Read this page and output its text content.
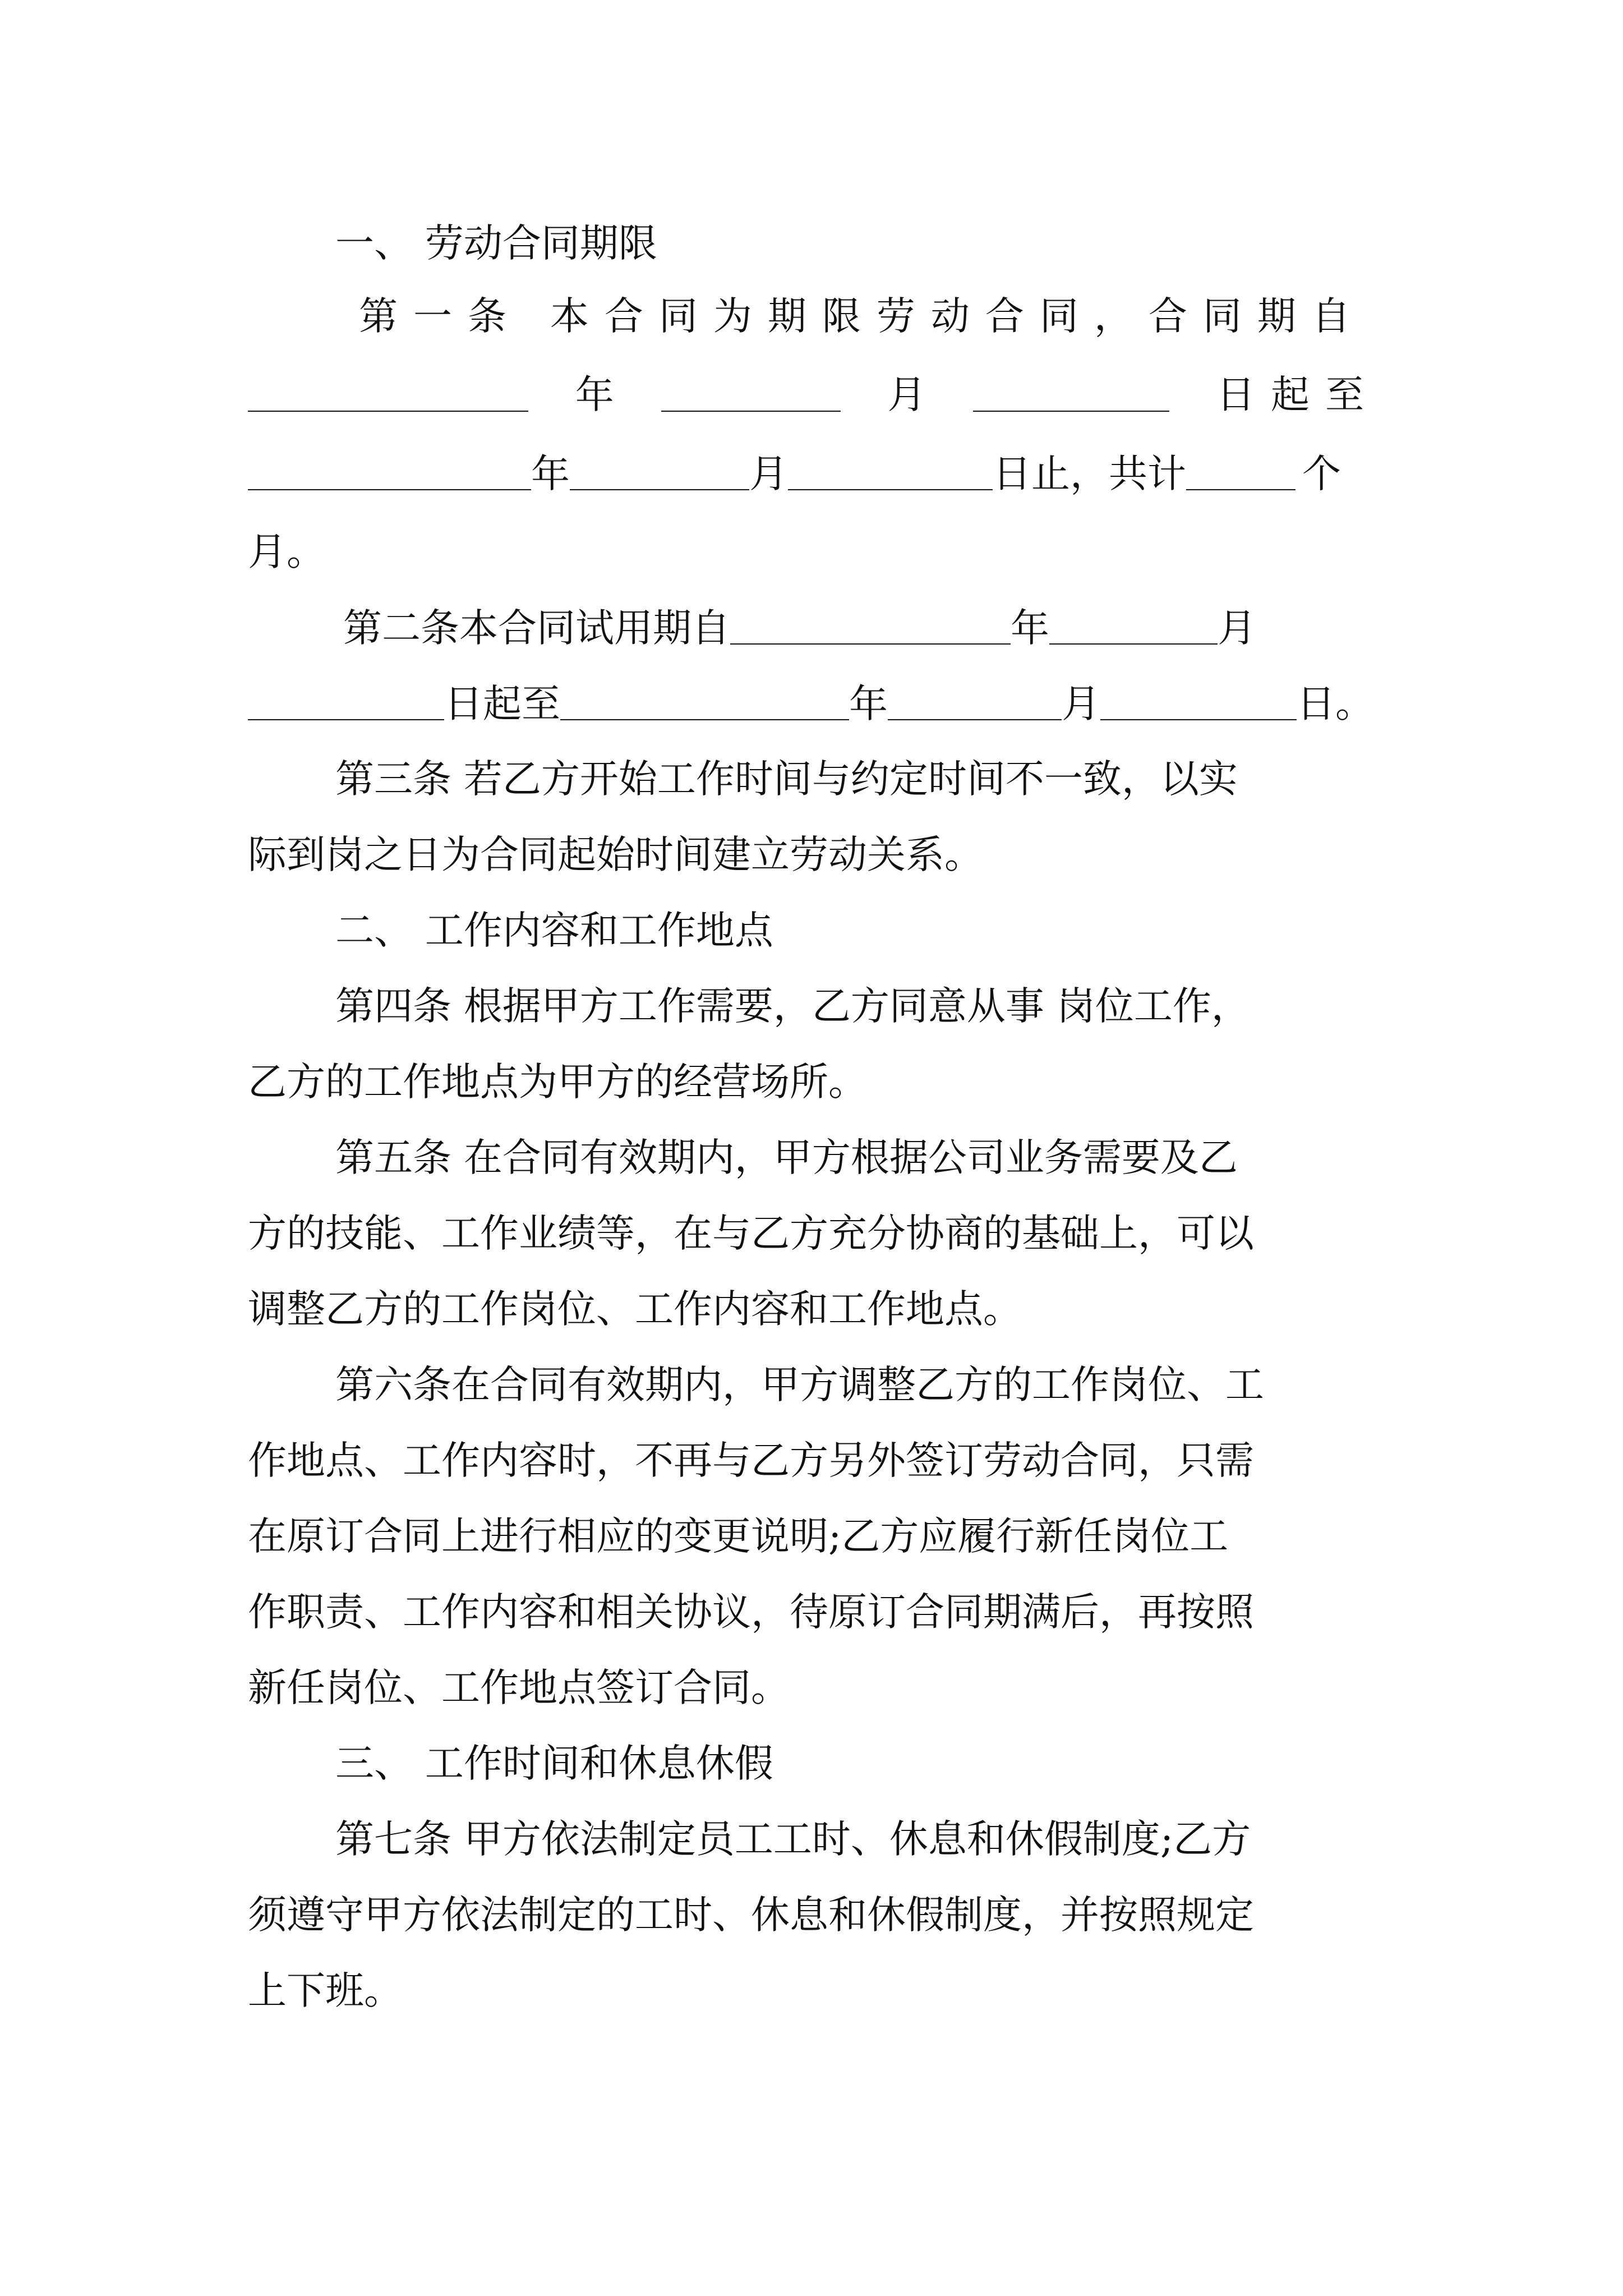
一、 劳动合同期限
第一条 本合同为期限劳动合同，合同期自
年	月	日起至
年	月	日止，共计	个
月。
第二条本合同试用期自	年	月
日起至	年	月	日。
第三条 若乙方开始工作时间与约定时间不一致，以实
际到岗之日为合同起始时间建立劳动关系。
二、 工作内容和工作地点
第四条 根据甲方工作需要，乙方同意从事 岗位工作，
乙方的工作地点为甲方的经营场所。
第五条 在合同有效期内，甲方根据公司业务需要及乙
方的技能、工作业绩等，在与乙方充分协商的基础上，可以
调整乙方的工作岗位、工作内容和工作地点。
第六条在合同有效期内，甲方调整乙方的工作岗位、工
作地点、工作内容时，不再与乙方另外签订劳动合同，只需
在原订合同上进行相应的变更说明;乙方应履行新任岗位工
作职责、工作内容和相关协议，待原订合同期满后，再按照
新任岗位、工作地点签订合同。
三、 工作时间和休息休假
第七条 甲方依法制定员工工时、休息和休假制度;乙方
须遵守甲方依法制定的工时、休息和休假制度，并按照规定
上下班。
